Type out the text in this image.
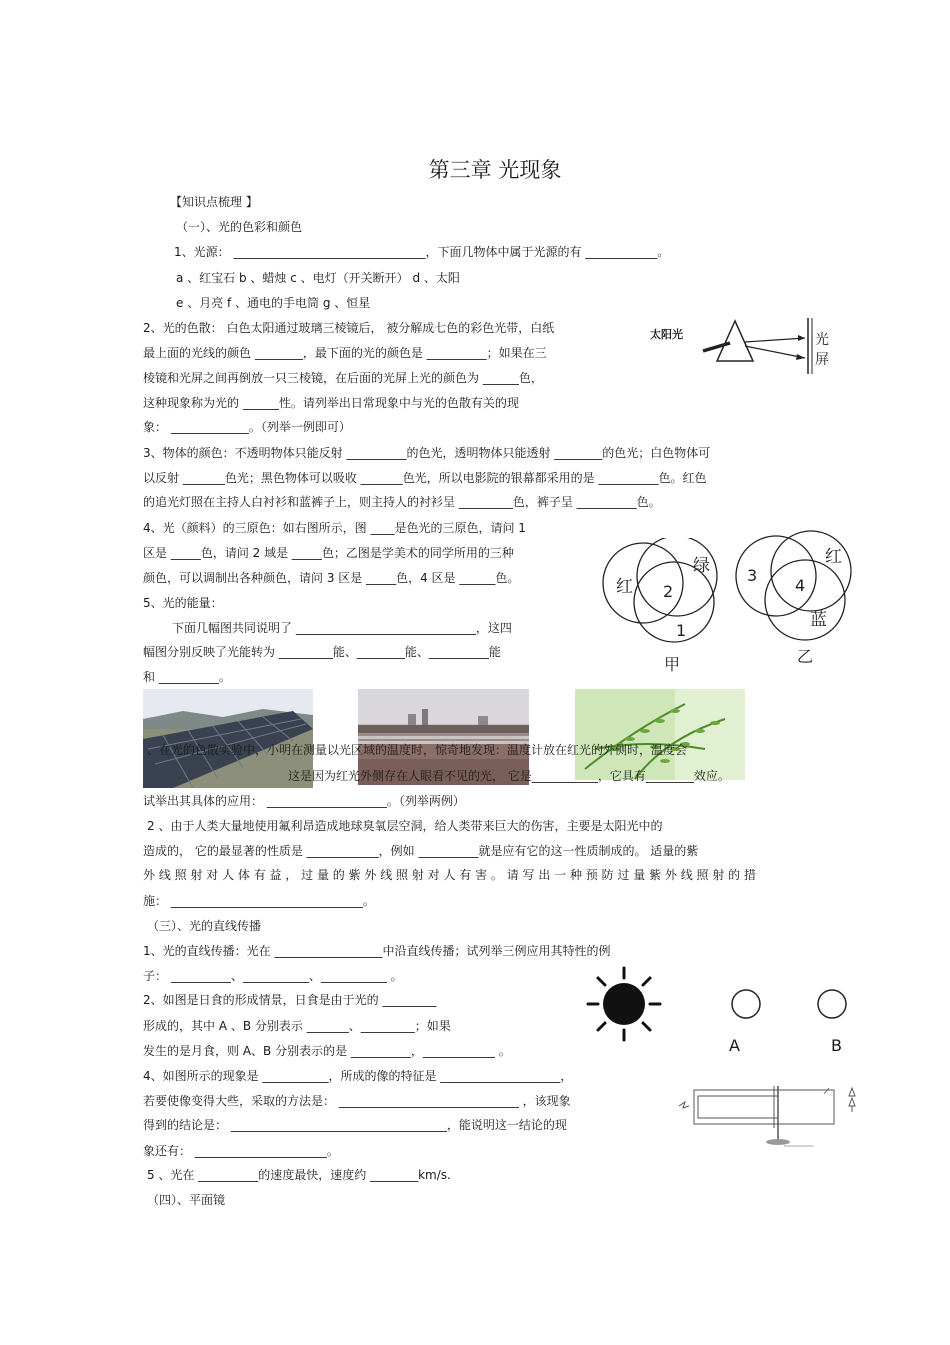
第三章 光现象
【知识点梳理 】
（一）、光的色彩和颜色
1、光源： ________________________________，下面几物体中属于光源的有 ____________。
a 、红宝石 b 、蜡烛 c 、电灯（开关断开） d 、太阳
e 、月亮 f 、通电的手电筒 g 、恒星
2、光的色散： 白色太阳通过玻璃三棱镜后， 被分解成七色的彩色光带，白纸
最上面的光线的颜色 ________，最下面的光的颜色是 __________；如果在三
棱镜和光屏之间再倒放一只三棱镜，在后面的光屏上光的颜色为 ______色，
这种现象称为光的 ______性。请列举出日常现象中与光的色散有关的现
象： _____________。（列举一例即可）
3、物体的颜色：不透明物体只能反射 __________的色光，透明物体只能透射 ________的色光；白色物体可
以反射 _______色光；黑色物体可以吸收 _______色光，所以电影院的银幕都采用的是 __________色。红色
的追光灯照在主持人白衬衫和蓝裤子上，则主持人的衬衫呈 _________色，裤子呈 __________色。
4、光（颜料）的三原色：如右图所示，图 ____是色光的三原色，请问 1
区是 _____色，请问 2 域是 _____色；乙图是学美术的同学所用的三种
颜色，可以调制出各种颜色，请问 3 区是 _____色，4 区是 ______色。
5、光的能量：
下面几幅图共同说明了 ______________________________，这四
幅图分别反映了光能转为 _________能、________能、__________能
和 __________。
、在光的色散实验中，小明在测量以光区域的温度时，惊奇地发现：温度计放在红光的外侧时，温度会
这是因为红光外侧存在人眼看不见的光， 它是___________，它具有________效应。
试举出其具体的应用： ____________________。（列举两例）
2 、由于人类大量地使用氟利昂造成地球臭氧层空洞，给人类带来巨大的伤害，主要是太阳光中的
造成的， 它的最显著的性质是 ____________，例如 __________就是应有它的这一性质制成的。 适量的紫
外 线 照 射 对 人 体 有 益 ， 过 量 的 紫 外 线 照 射 对 人 有 害 。 请 写 出 一 种 预 防 过 量 紫 外 线 照 射 的 措
施： ________________________________。
（三）、光的直线传播
1、光的直线传播：光在 __________________中沿直线传播；试列举三例应用其特性的例
子： __________、___________、___________ 。
2、如图是日食的形成情景，日食是由于光的 _________
形成的，其中 A 、B 分别表示 _______、_________；如果
发生的是月食，则 A、B 分别表示的是 __________，____________ 。
4、如图所示的现象是 ___________，所成的像的特征是 ____________________，
若要使像变得大些，采取的方法是： ______________________________ ，该现象
得到的结论是： ____________________________________，能说明这一结论的现
象还有： ______________________。
5 、光在 __________的速度最快，速度约 ________km/s.
（四）、平面镜
太阳光	光
屏
红
绿
2
1
甲
红
3
4
蓝
乙
A	B
